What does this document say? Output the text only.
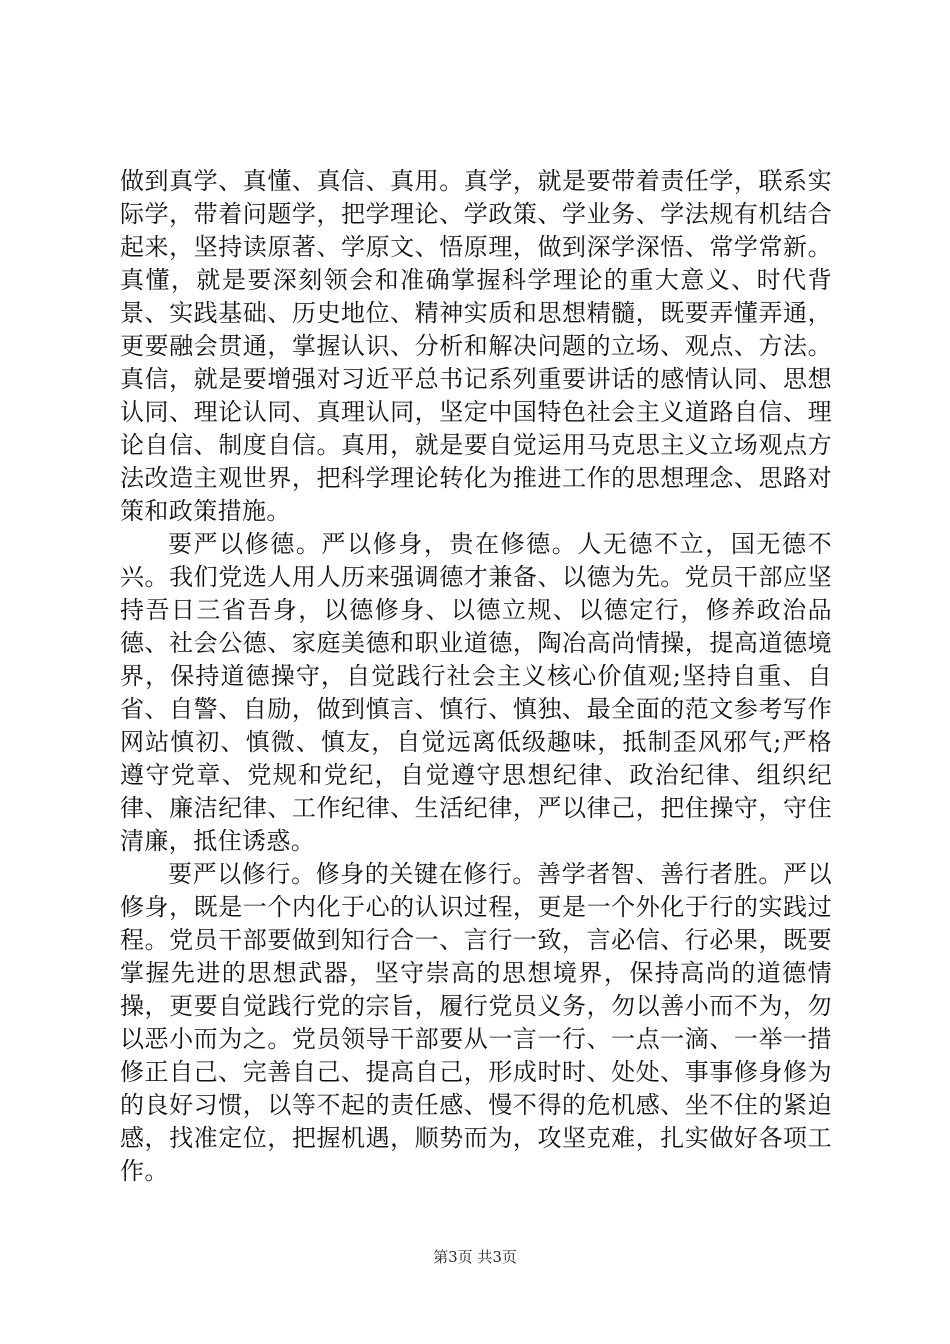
做到真学、真懂、真信、真用。真学，就是要带着责任学，联系实际学，带着问题学，把学理论、学政策、学业务、学法规有机结合起来，坚持读原著、学原文、悟原理，做到深学深悟、常学常新。真懂，就是要深刻领会和准确掌握科学理论的重大意义、时代背景、实践基础、历史地位、精神实质和思想精髓，既要弄懂弄通，更要融会贯通，掌握认识、分析和解决问题的立场、观点、方法。真信，就是要增强对习近平总书记系列重要讲话的感情认同、思想认同、理论认同、真理认同，坚定中国特色社会主义道路自信、理论自信、制度自信。真用，就是要自觉运用马克思主义立场观点方法改造主观世界，把科学理论转化为推进工作的思想理念、思路对策和政策措施。

要严以修德。严以修身，贵在修德。人无德不立，国无德不兴。我们党选人用人历来强调德才兼备、以德为先。党员干部应坚持吾日三省吾身，以德修身、以德立规、以德定行，修养政治品德、社会公德、家庭美德和职业道德，陶冶高尚情操，提高道德境界，保持道德操守，自觉践行社会主义核心价值观;坚持自重、自省、自警、自励，做到慎言、慎行、慎独、最全面的范文参考写作网站慎初、慎微、慎友，自觉远离低级趣味，抵制歪风邪气;严格遵守党章、党规和党纪，自觉遵守思想纪律、政治纪律、组织纪律、廉洁纪律、工作纪律、生活纪律，严以律己，把住操守，守住清廉，抵住诱惑。

要严以修行。修身的关键在修行。善学者智、善行者胜。严以修身，既是一个内化于心的认识过程，更是一个外化于行的实践过程。党员干部要做到知行合一、言行一致，言必信、行必果，既要掌握先进的思想武器，坚守崇高的思想境界，保持高尚的道德情操，更要自觉践行党的宗旨，履行党员义务，勿以善小而不为，勿以恶小而为之。党员领导干部要从一言一行、一点一滴、一举一措修正自己、完善自己、提高自己，形成时时、处处、事事修身修为的良好习惯，以等不起的责任感、慢不得的危机感、坐不住的紧迫感，找准定位，把握机遇，顺势而为，攻坚克难，扎实做好各项工作。

第3页 共3页
